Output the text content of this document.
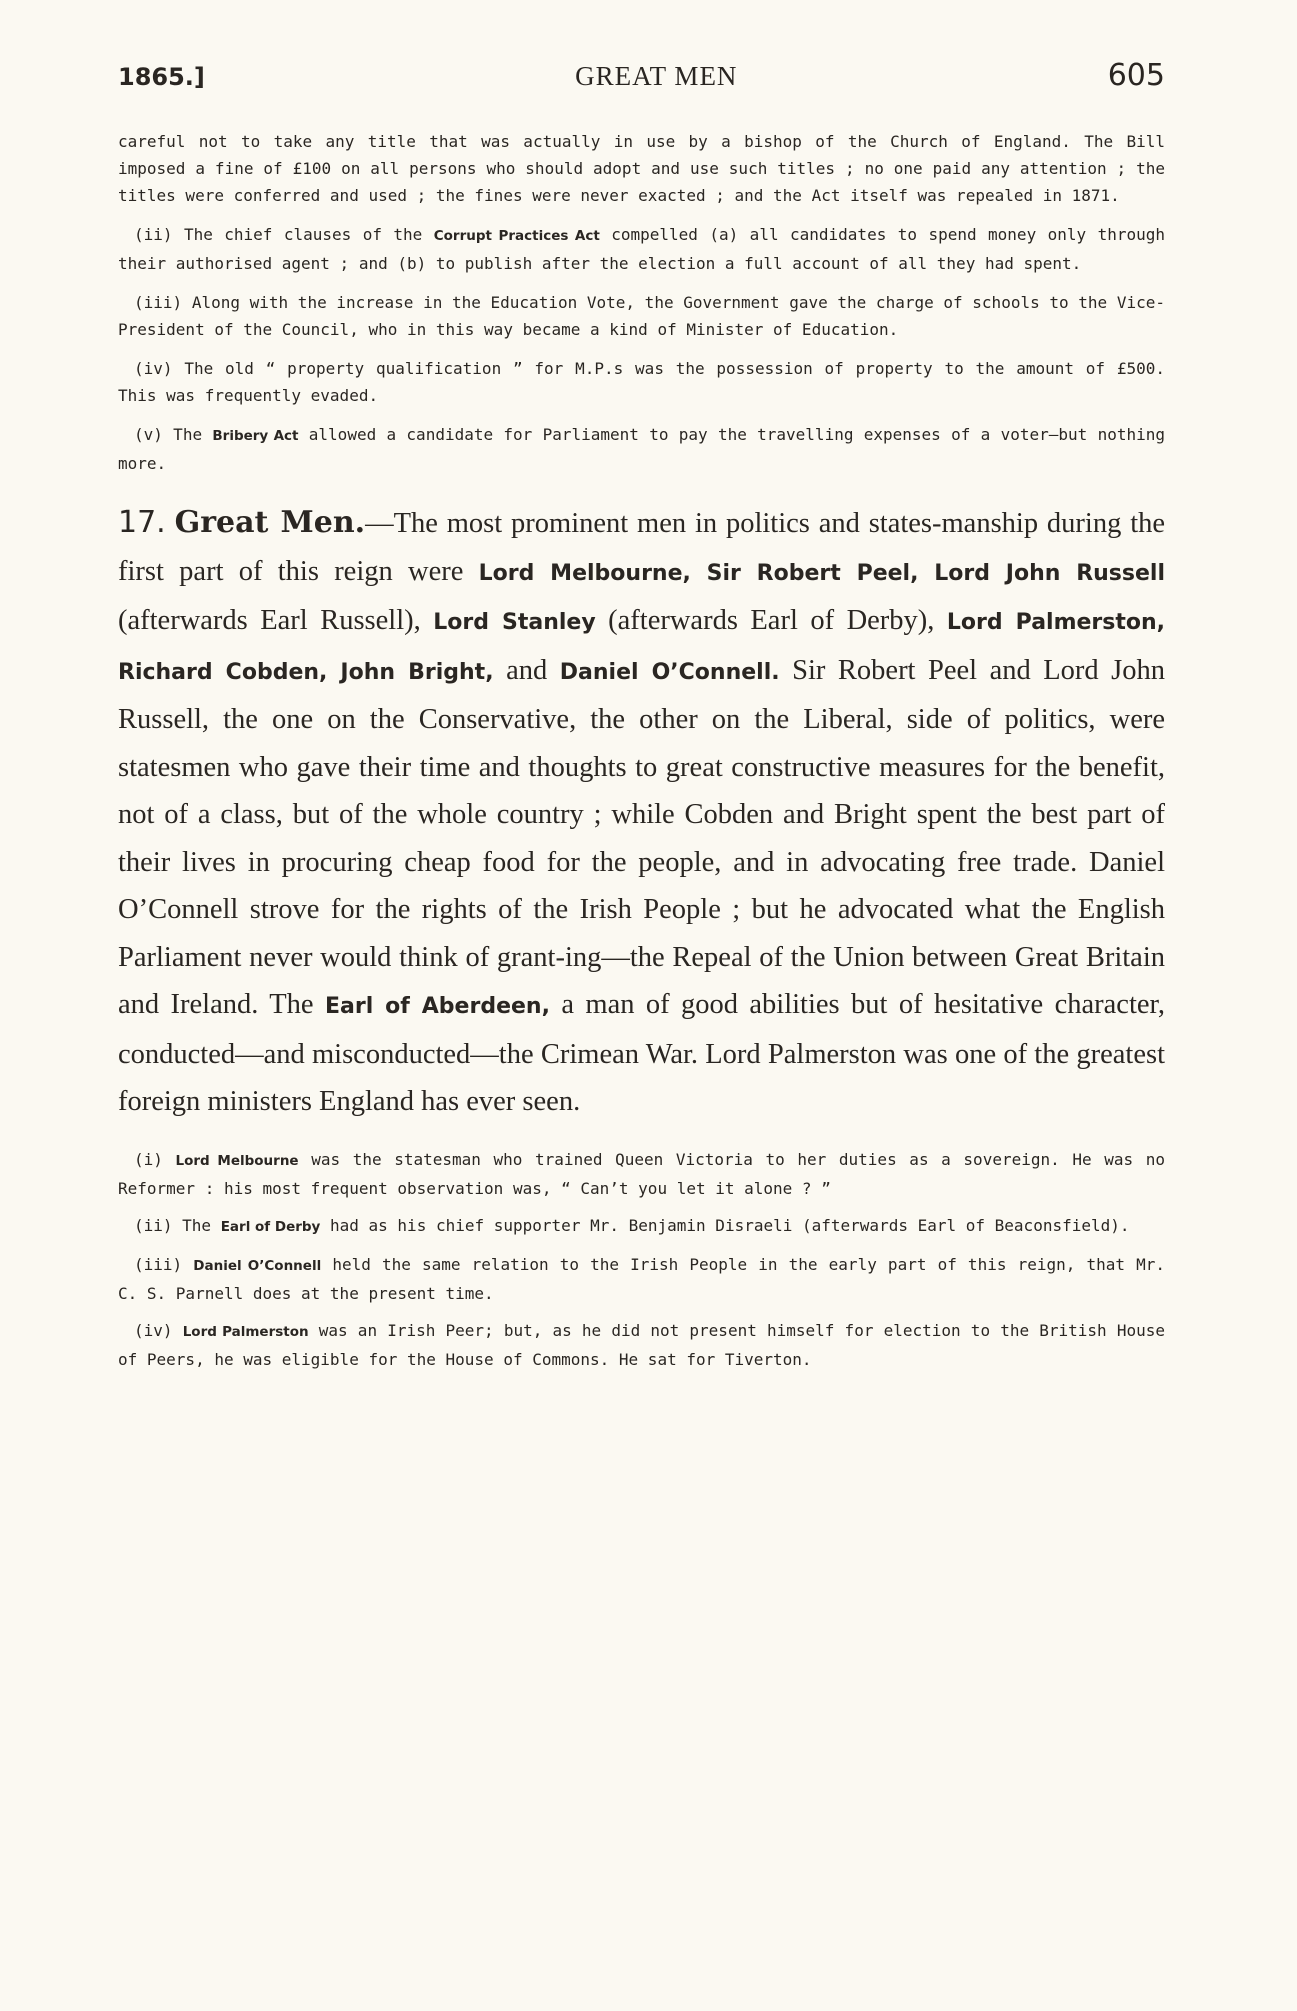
1865.]	GREAT MEN	605

careful not to take any title that was actually in use by a bishop of the Church of England. The Bill imposed a fine of £100 on all persons who should adopt and use such titles ; no one paid any attention ; the titles were conferred and used ; the fines were never exacted ; and the Act itself was repealed in 1871.

(ii) The chief clauses of the Corrupt Practices Act compelled (a) all candidates to spend money only through their authorised agent ; and (b) to publish after the election a full account of all they had spent.

(iii) Along with the increase in the Education Vote, the Government gave the charge of schools to the Vice-President of the Council, who in this way became a kind of Minister of Education.

(iv) The old “ property qualification ” for M.P.s was the possession of property to the amount of £500. This was frequently evaded.

(v) The Bribery Act allowed a candidate for Parliament to pay the travelling expenses of a voter—but nothing more.

17. Great Men.—The most prominent men in politics and states-manship during the first part of this reign were Lord Melbourne, Sir Robert Peel, Lord John Russell (afterwards Earl Russell), Lord Stanley (afterwards Earl of Derby), Lord Palmerston, Richard Cobden, John Bright, and Daniel O’Connell. Sir Robert Peel and Lord John Russell, the one on the Conservative, the other on the Liberal, side of politics, were statesmen who gave their time and thoughts to great constructive measures for the benefit, not of a class, but of the whole country ; while Cobden and Bright spent the best part of their lives in procuring cheap food for the people, and in advocating free trade. Daniel O’Connell strove for the rights of the Irish People ; but he advocated what the English Parliament never would think of grant-ing—the Repeal of the Union between Great Britain and Ireland. The Earl of Aberdeen, a man of good abilities but of hesitative character, conducted—and misconducted—the Crimean War. Lord Palmerston was one of the greatest foreign ministers England has ever seen.

(i) Lord Melbourne was the statesman who trained Queen Victoria to her duties as a sovereign. He was no Reformer : his most frequent observation was, “ Can’t you let it alone ? ”

(ii) The Earl of Derby had as his chief supporter Mr. Benjamin Disraeli (afterwards Earl of Beaconsfield).

(iii) Daniel O’Connell held the same relation to the Irish People in the early part of this reign, that Mr. C. S. Parnell does at the present time.

(iv) Lord Palmerston was an Irish Peer; but, as he did not present himself for election to the British House of Peers, he was eligible for the House of Commons. He sat for Tiverton.
